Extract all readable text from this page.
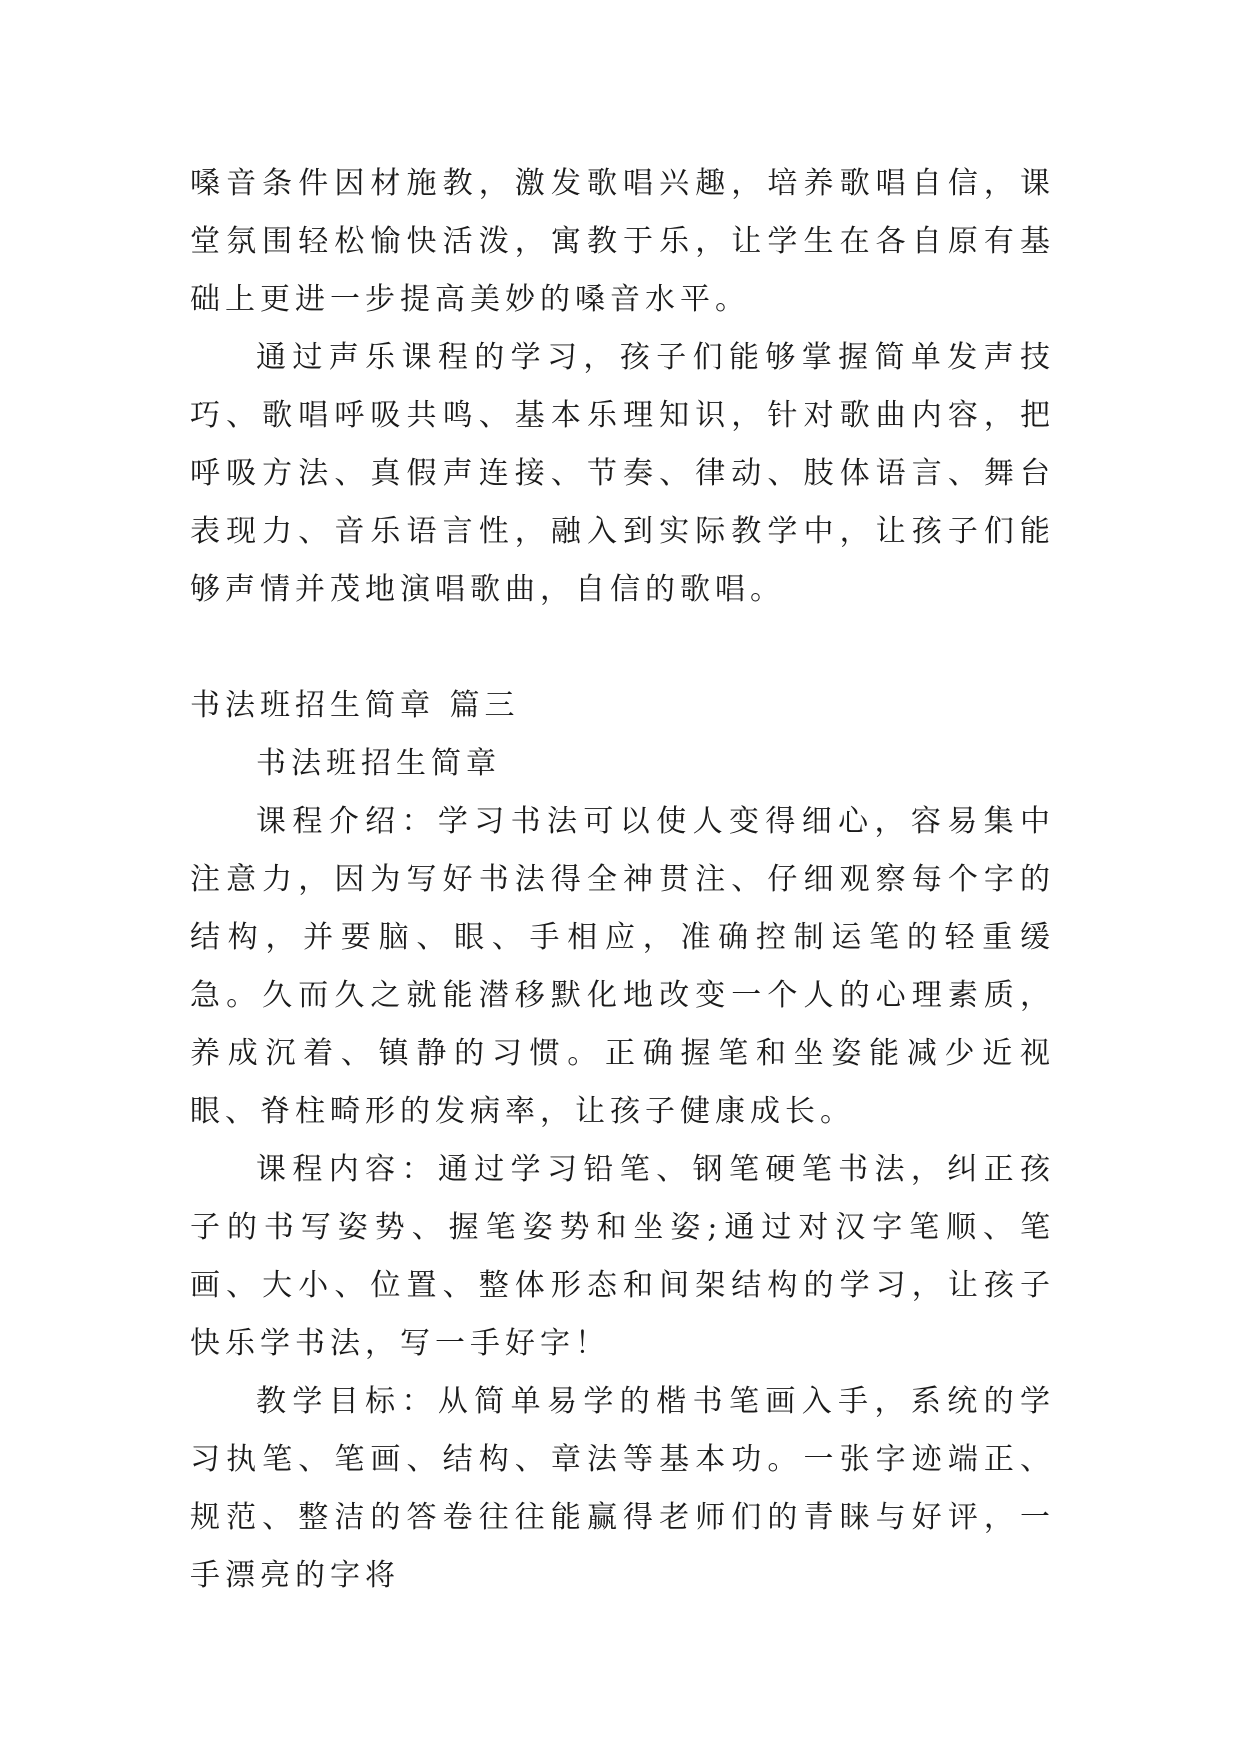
嗓音条件因材施教，激发歌唱兴趣，培养歌唱自信，课堂氛围轻松愉快活泼，寓教于乐，让学生在各自原有基础上更进一步提高美妙的嗓音水平。

通过声乐课程的学习，孩子们能够掌握简单发声技巧、歌唱呼吸共鸣、基本乐理知识，针对歌曲内容，把呼吸方法、真假声连接、节奏、律动、肢体语言、舞台表现力、音乐语言性，融入到实际教学中，让孩子们能够声情并茂地演唱歌曲，自信的歌唱。

书法班招生简章 篇三

书法班招生简章

课程介绍：学习书法可以使人变得细心，容易集中注意力，因为写好书法得全神贯注、仔细观察每个字的结构，并要脑、眼、手相应，准确控制运笔的轻重缓急。久而久之就能潜移默化地改变一个人的心理素质，养成沉着、镇静的习惯。正确握笔和坐姿能减少近视眼、脊柱畸形的发病率，让孩子健康成长。

课程内容：通过学习铅笔、钢笔硬笔书法，纠正孩子的书写姿势、握笔姿势和坐姿;通过对汉字笔顺、笔画、大小、位置、整体形态和间架结构的学习，让孩子快乐学书法，写一手好字！

教学目标：从简单易学的楷书笔画入手，系统的学习执笔、笔画、结构、章法等基本功。一张字迹端正、规范、整洁的答卷往往能赢得老师们的青睐与好评，一手漂亮的字将
